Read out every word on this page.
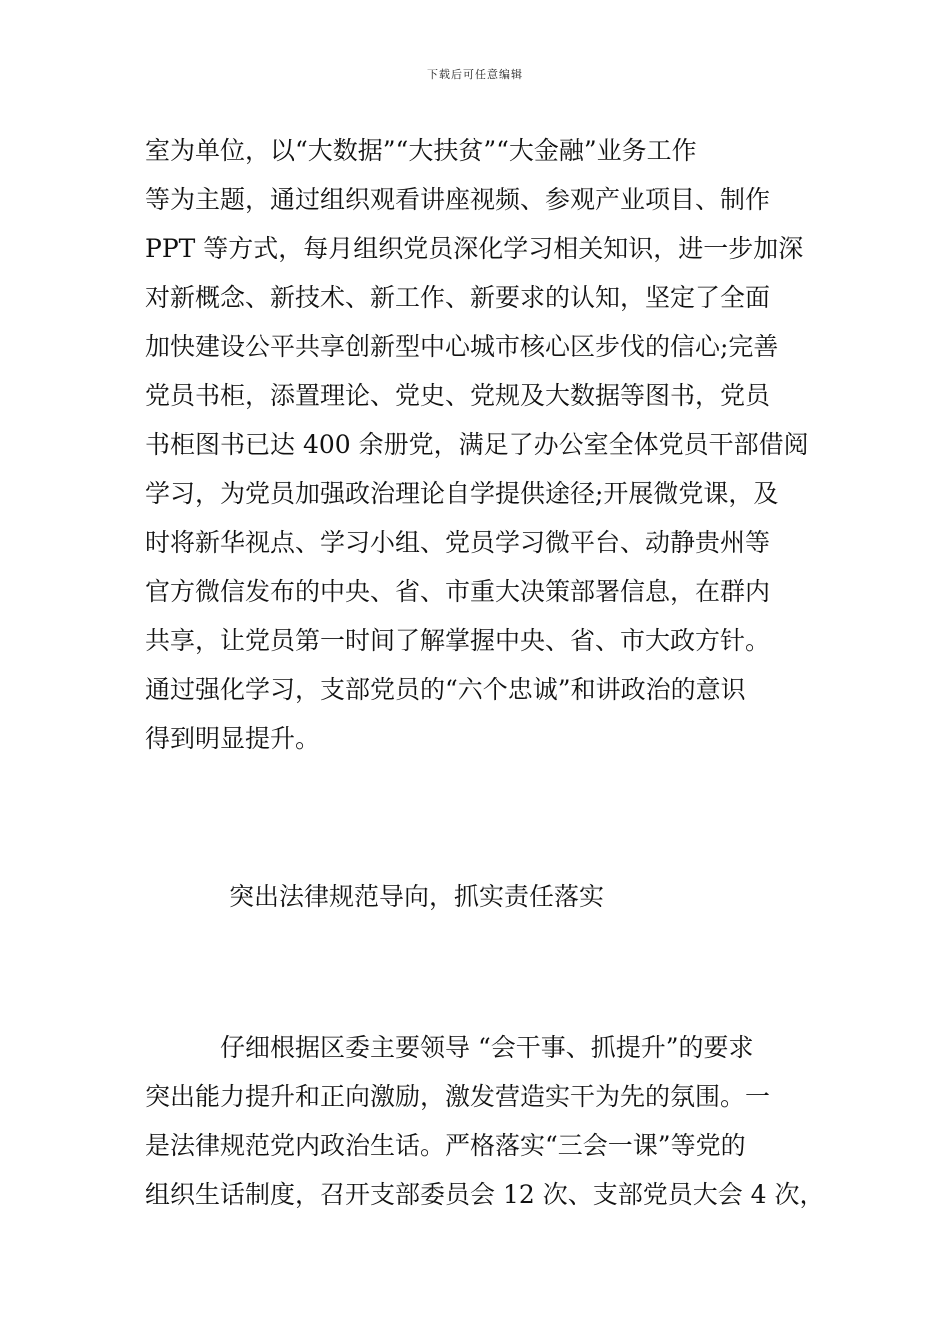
下载后可任意编辑
室为单位，以“大数据”“大扶贫”“大金融”业务工作
等为主题，通过组织观看讲座视频、参观产业项目、制作
PPT 等方式，每月组织党员深化学习相关知识，进一步加深
对新概念、新技术、新工作、新要求的认知，坚定了全面
加快建设公平共享创新型中心城市核心区步伐的信心;完善
党员书柜，添置理论、党史、党规及大数据等图书，党员
书柜图书已达 400 余册党，满足了办公室全体党员干部借阅
学习，为党员加强政治理论自学提供途径;开展微党课，及
时将新华视点、学习小组、党员学习微平台、动静贵州等
官方微信发布的中央、省、市重大决策部署信息，在群内
共享，让党员第一时间了解掌握中央、省、市大政方针。
通过强化学习，支部党员的“六个忠诚”和讲政治的意识
得到明显提升。
突出法律规范导向，抓实责任落实
　　　仔细根据区委主要领导 “会干事、抓提升”的要求
突出能力提升和正向激励，激发营造实干为先的氛围。一
是法律规范党内政治生话。严格落实“三会一课”等党的
组织生话制度，召开支部委员会 12 次、支部党员大会 4 次，
